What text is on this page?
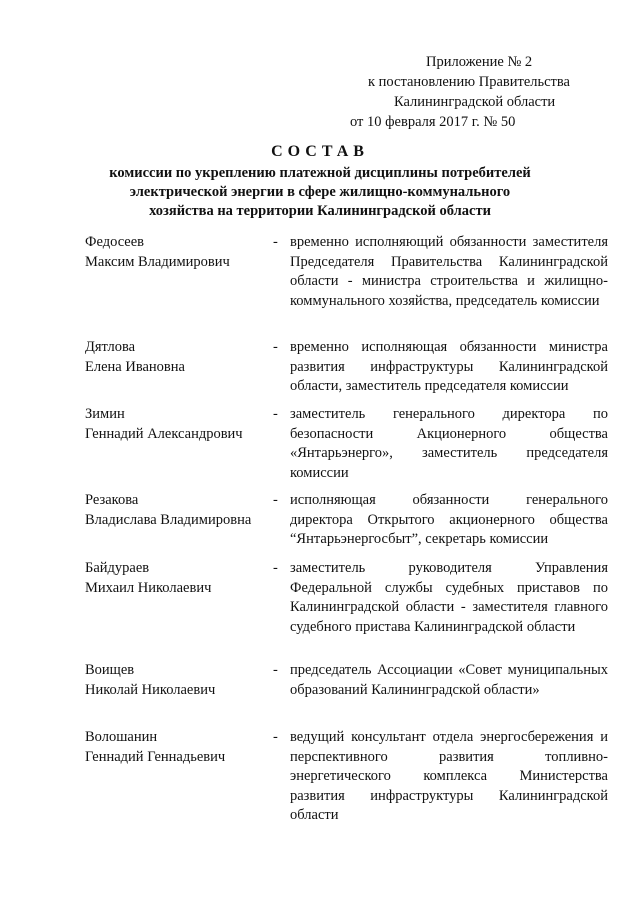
Приложение № 2
к постановлению Правительства
Калининградской области
от 10 февраля 2017 г. № 50
СОСТАВ
комиссии по укреплению платежной дисциплины потребителей электрической энергии в сфере жилищно-коммунального хозяйства на территории Калининградской области
Федосеев
Максим Владимирович
- временно исполняющий обязанности заместителя Председателя Правительства Калининградской области - министра строительства и жилищно-коммунального хозяйства, председатель комиссии
Дятлова
Елена Ивановна
- временно исполняющая обязанности министра развития инфраструктуры Калининградской области, заместитель председателя комиссии
Зимин
Геннадий Александрович
- заместитель генерального директора по безопасности Акционерного общества «Янтарьэнерго», заместитель председателя комиссии
Резакова
Владислава Владимировна
- исполняющая обязанности генерального директора Открытого акционерного общества “Янтарьэнергосбыт”, секретарь комиссии
Байдураев
Михаил Николаевич
- заместитель руководителя Управления Федеральной службы судебных приставов по Калининградской области - заместителя главного судебного пристава Калининградской области
Воищев
Николай Николаевич
- председатель Ассоциации «Совет муниципальных образований Калининградской области»
Волошанин
Геннадий Геннадьевич
- ведущий консультант отдела энергосбережения и перспективного развития топливно-энергетического комплекса Министерства развития инфраструктуры Калининградской области
